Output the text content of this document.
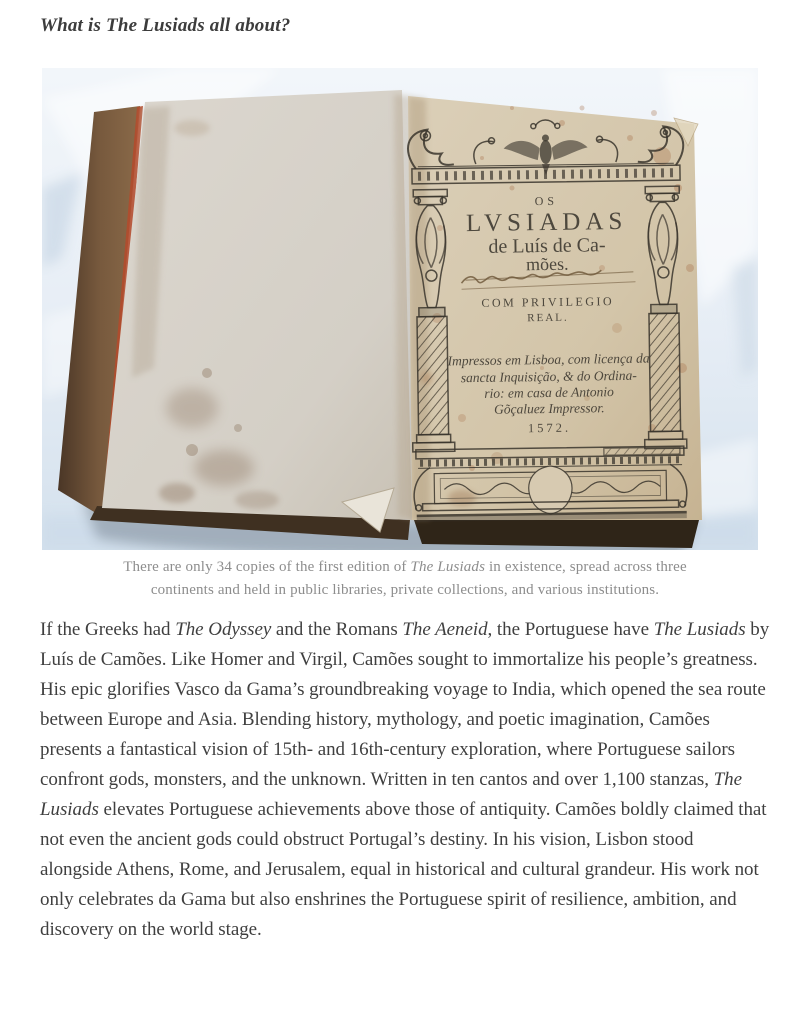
What is The Lusiads all about?
OS
LVSIADAS
de Luís de Ca-
mões.
COM PRIVILEGIO
REAL.
Impressos em Lisboa, com licença da
sancta Inquisição, & do Ordina-
rio: em casa de Antonio
Gõçaluez Impressor.
1572.
There are only 34 copies of the first edition of The Lusiads in existence, spread across three continents and held in public libraries, private collections, and various institutions.

If the Greeks had The Odyssey and the Romans The Aeneid, the Portuguese have The Lusiads by Luís de Camões. Like Homer and Virgil, Camões sought to immortalize his people’s greatness. His epic glorifies Vasco da Gama’s groundbreaking voyage to India, which opened the sea route between Europe and Asia. Blending history, mythology, and poetic imagination, Camões presents a fantastical vision of 15th- and 16th-century exploration, where Portuguese sailors confront gods, monsters, and the unknown. Written in ten cantos and over 1,100 stanzas, The Lusiads elevates Portuguese achievements above those of antiquity. Camões boldly claimed that not even the ancient gods could obstruct Portugal’s destiny. In his vision, Lisbon stood alongside Athens, Rome, and Jerusalem, equal in historical and cultural grandeur. His work not only celebrates da Gama but also enshrines the Portuguese spirit of resilience, ambition, and discovery on the world stage.
